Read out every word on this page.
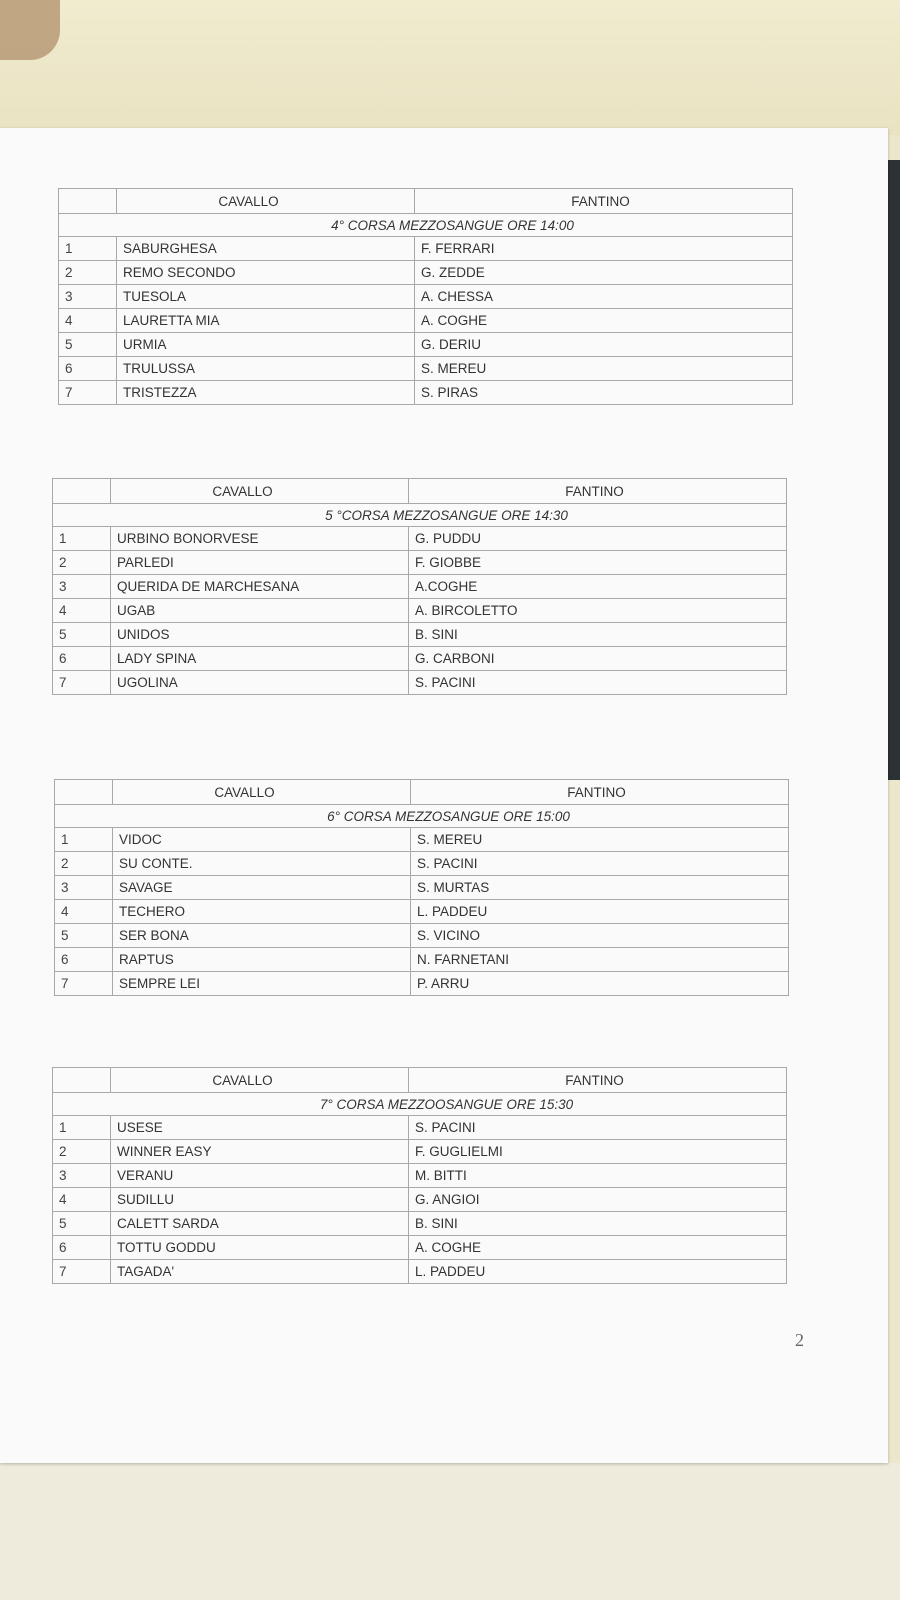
	CAVALLO	FANTINO
4° CORSA MEZZOSANGUE ORE 14:00		
1	SABURGHESA	F. FERRARI
2	REMO SECONDO	G. ZEDDE
3	TUESOLA	A. CHESSA
4	LAURETTA MIA	A. COGHE
5	URMIA	G. DERIU
6	TRULUSSA	S. MEREU
7	TRISTEZZA	S. PIRAS
	CAVALLO	FANTINO
5 °CORSA MEZZOSANGUE ORE 14:30		
1	URBINO BONORVESE	G. PUDDU
2	PARLEDI	F. GIOBBE
3	QUERIDA DE MARCHESANA	A.COGHE
4	UGAB	A. BIRCOLETTO
5	UNIDOS	B. SINI
6	LADY SPINA	G. CARBONI
7	UGOLINA	S. PACINI
	CAVALLO	FANTINO
6° CORSA MEZZOSANGUE ORE 15:00		
1	VIDOC	S. MEREU
2	SU CONTE.	S. PACINI
3	SAVAGE	S. MURTAS
4	TECHERO	L. PADDEU
5	SER BONA	S. VICINO
6	RAPTUS	N. FARNETANI
7	SEMPRE LEI	P. ARRU
	CAVALLO	FANTINO
7° CORSA MEZZOOSANGUE ORE 15:30		
1	USESE	S. PACINI
2	WINNER EASY	F. GUGLIELMI
3	VERANU	M. BITTI
4	SUDILLU	G. ANGIOI
5	CALETT SARDA	B. SINI
6	TOTTU GODDU	A. COGHE
7	TAGADA'	L. PADDEU
2
